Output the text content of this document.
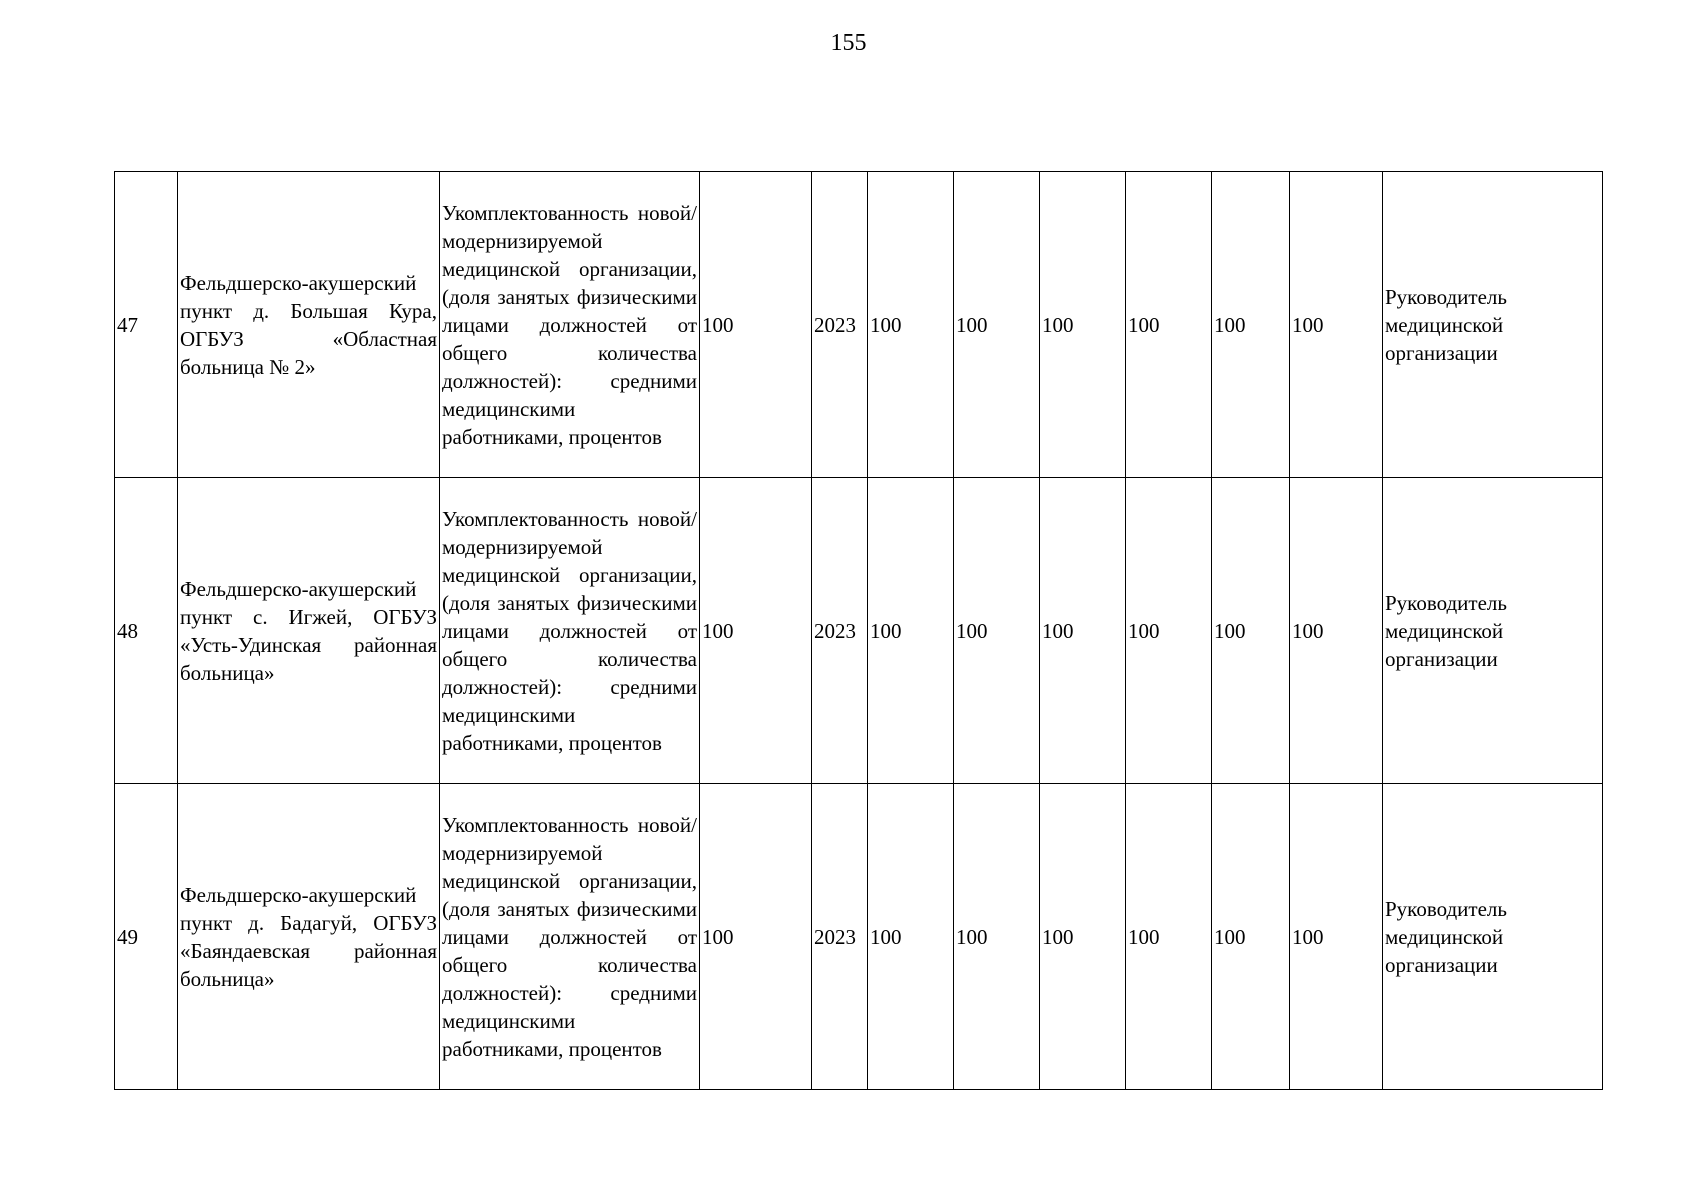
155
47	Фельдшерско-акушерский пункт д. Большая Кура, ОГБУЗ «Областная больница № 2»	Укомплектованность новой/модернизируемой медицинской организации, (доля занятых физическими лицами должностей от общего количества должностей): средними медицинскими работниками, процентов	100	2023	100	100	100	100	100	100	Руководитель медицинской организации
48	Фельдшерско-акушерский пункт с. Игжей, ОГБУЗ «Усть-Удинская районная больница»	Укомплектованность новой/модернизируемой медицинской организации, (доля занятых физическими лицами должностей от общего количества должностей): средними медицинскими работниками, процентов	100	2023	100	100	100	100	100	100	Руководитель медицинской организации
49	Фельдшерско-акушерский пункт д. Бадагуй, ОГБУЗ «Баяндаевская районная больница»	Укомплектованность новой/модернизируемой медицинской организации, (доля занятых физическими лицами должностей от общего количества должностей): средними медицинскими работниками, процентов	100	2023	100	100	100	100	100	100	Руководитель медицинской организации
